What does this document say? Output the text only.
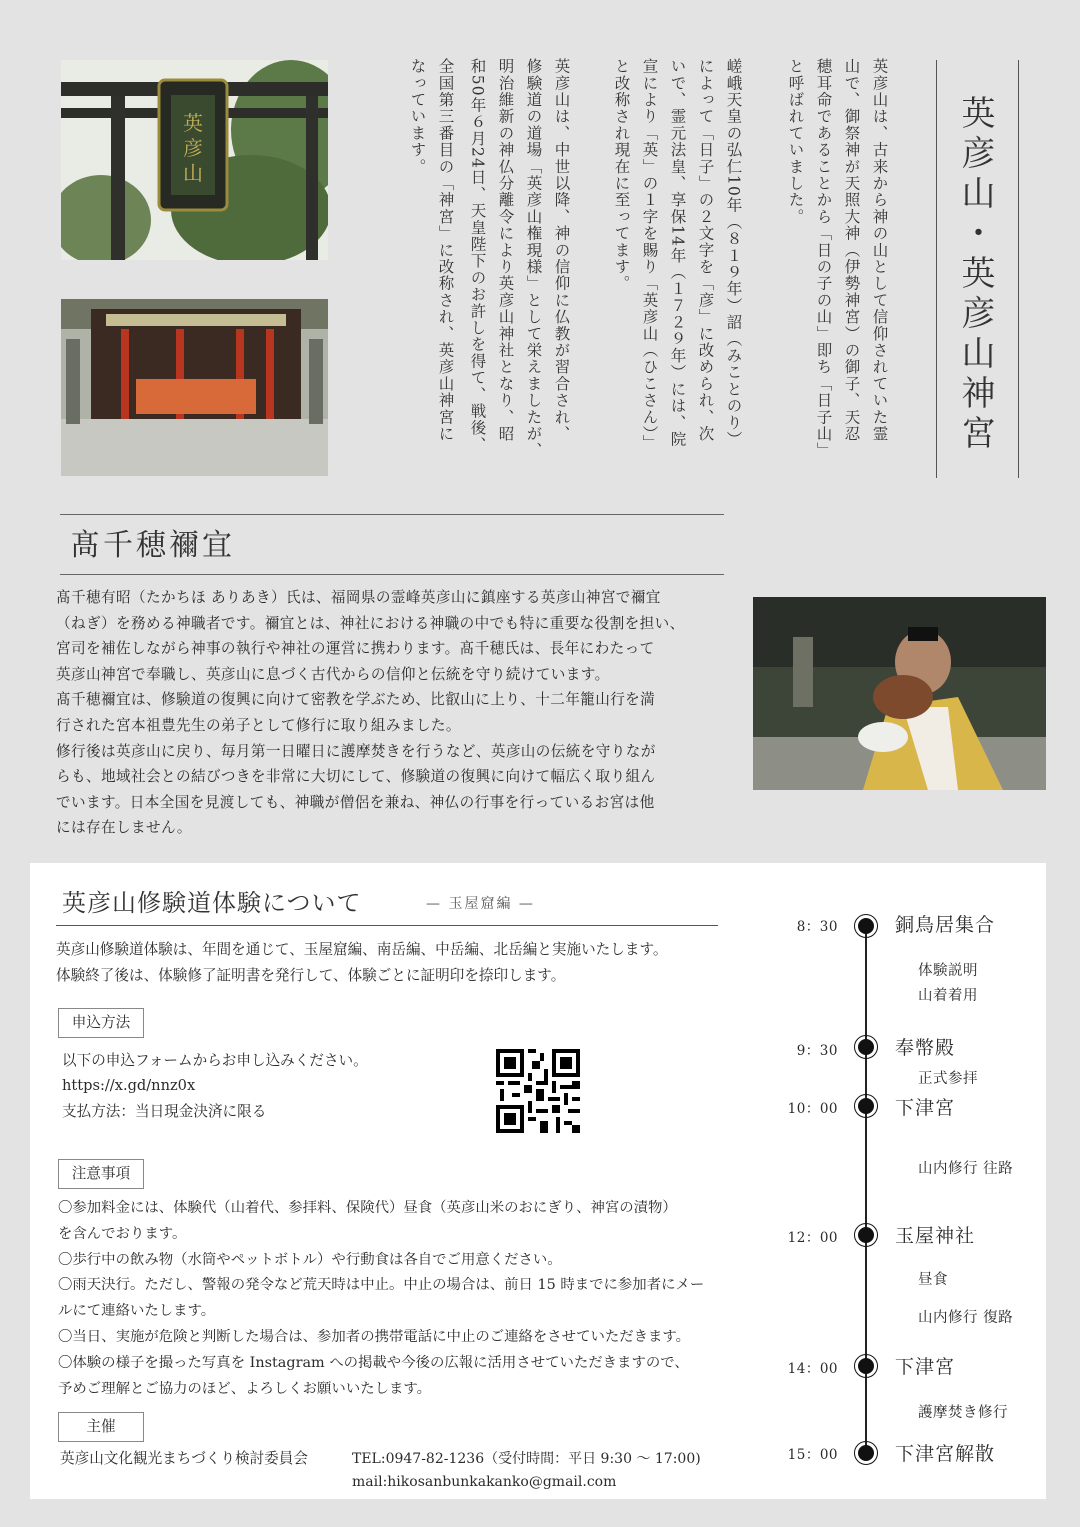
英
彦
山	英彦山・英彦山神宮
英彦山は、古来から神の山として信仰されていた霊
山で、御祭神が天照大神（伊勢神宮）の御子、天忍
穂耳命であることから「日の子の山」即ち「日子山」
と呼ばれていました。
嵯峨天皇の弘仁10年（８１９年）詔（みことのり）
によって「日子」の２文字を「彦」に改められ、次
いで、霊元法皇、享保14年（１７２９年）には、院
宣により「英」の１字を賜り「英彦山（ひこさん）」
と改称され現在に至ってます。
英彦山は、中世以降、神の信仰に仏教が習合され、
修験道の道場「英彦山権現様」として栄えましたが、
明治維新の神仏分離令により英彦山神社となり、昭
和50年６月24日、天皇陛下のお許しを得て、戦後、
全国第三番目の「神宮」に改称され、英彦山神宮に
なっています。
髙千穂禰宜

髙千穂有昭（たかちほ ありあき）氏は、福岡県の霊峰英彦山に鎮座する英彦山神宮で禰宜

（ねぎ）を務める神職者です。禰宜とは、神社における神職の中でも特に重要な役割を担い、

宮司を補佐しながら神事の執行や神社の運営に携わります。髙千穂氏は、長年にわたって

英彦山神宮で奉職し、英彦山に息づく古代からの信仰と伝統を守り続けています。

髙千穂禰宜は、修験道の復興に向けて密教を学ぶため、比叡山に上り、十二年籠山行を満

行された宮本祖豊先生の弟子として修行に取り組みました。

修行後は英彦山に戻り、毎月第一日曜日に護摩焚きを行うなど、英彦山の伝統を守りなが

らも、地域社会との結びつきを非常に大切にして、修験道の復興に向けて幅広く取り組ん

でいます。日本全国を見渡しても、神職が僧侶を兼ね、神仏の行事を行っているお宮は他

には存在しません。

英彦山修験道体験について	— 玉屋窟編 —
英彦山修験道体験は、年間を通じて、玉屋窟編、南岳編、中岳編、北岳編と実施いたします。
体験終了後は、体験修了証明書を発行して、体験ごとに証明印を捺印します。
申込方法
以下の申込フォームからお申し込みください。
https://x.gd/nnz0x
支払方法：当日現金決済に限る
注意事項

〇参加料金には、体験代（山着代、参拝料、保険代）昼食（英彦山米のおにぎり、神宮の漬物）

を含んでおります。

〇歩行中の飲み物（水筒やペットボトル）や行動食は各自でご用意ください。

〇雨天決行。ただし、警報の発令など荒天時は中止。中止の場合は、前日 15 時までに参加者にメー

ルにて連絡いたします。

〇当日、実施が危険と判断した場合は、参加者の携帯電話に中止のご連絡をさせていただきます。

〇体験の様子を撮った写真を Instagram への掲載や今後の広報に活用させていただきますので、

予めご理解とご協力のほど、よろしくお願いいたします。

主催
英彦山文化観光まちづくり検討委員会	TEL:0947-82-1236（受付時間：平日 9:30 〜 17:00)
mail:hikosanbunkakanko@gmail.com
8：30	銅鳥居集合
体験説明
山着着用
9：30	奉幣殿
正式参拝
10：00	下津宮
山内修行 往路
12：00	玉屋神社
昼食
山内修行 復路
14：00	下津宮
護摩焚き修行
15：00	下津宮解散
